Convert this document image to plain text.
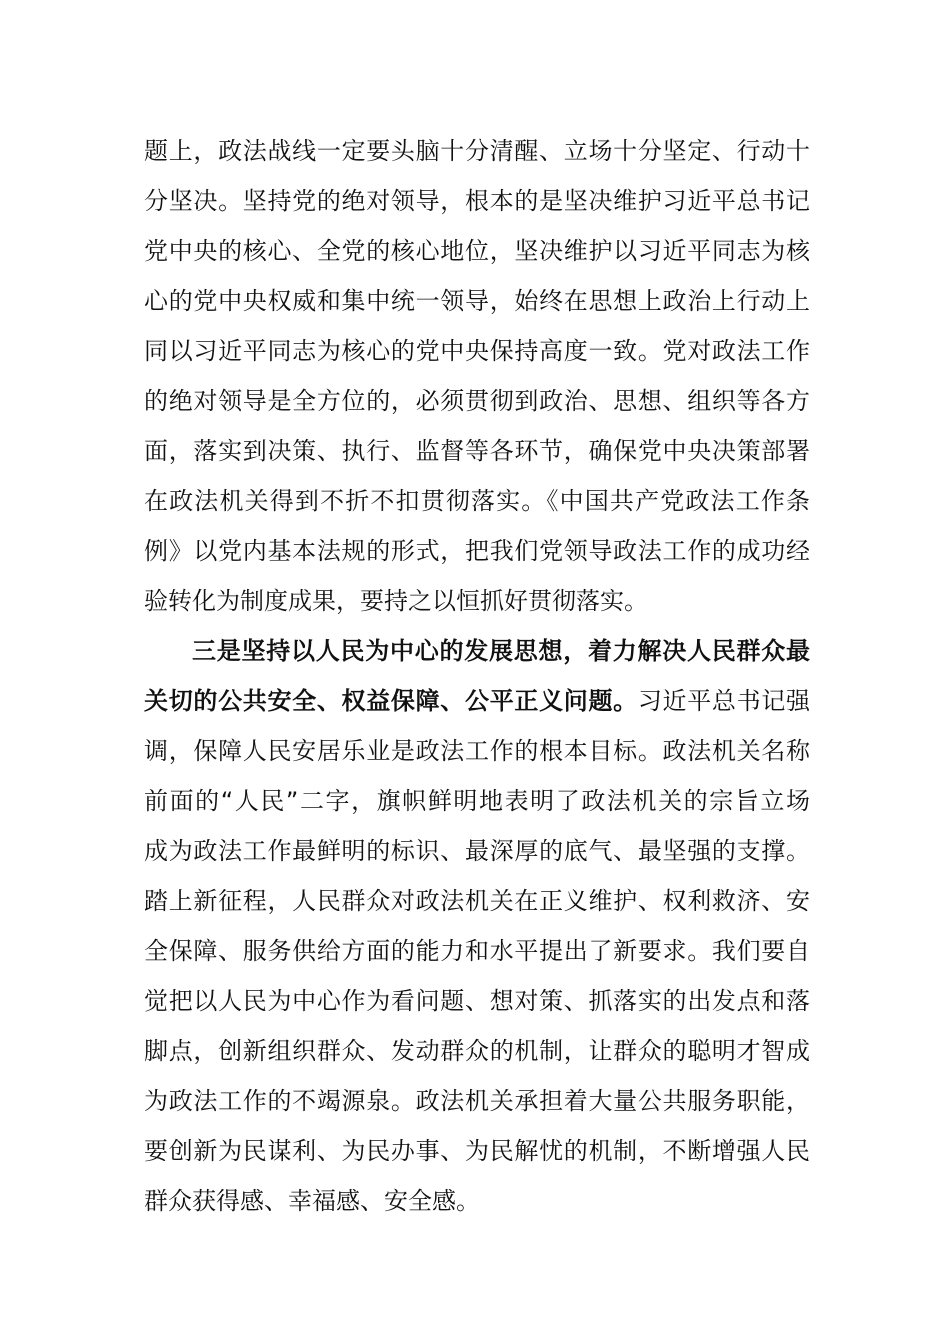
题上，政法战线一定要头脑十分清醒、立场十分坚定、行动十
分坚决。坚持党的绝对领导，根本的是坚决维护习近平总书记
党中央的核心、全党的核心地位，坚决维护以习近平同志为核
心的党中央权威和集中统一领导，始终在思想上政治上行动上
同以习近平同志为核心的党中央保持高度一致。党对政法工作
的绝对领导是全方位的，必须贯彻到政治、思想、组织等各方
面，落实到决策、执行、监督等各环节，确保党中央决策部署
在政法机关得到不折不扣贯彻落实。《中国共产党政法工作条
例》以党内基本法规的形式，把我们党领导政法工作的成功经
验转化为制度成果，要持之以恒抓好贯彻落实。
三是坚持以人民为中心的发展思想，着力解决人民群众最
关切的公共安全、权益保障、公平正义问题。习近平总书记强
调，保障人民安居乐业是政法工作的根本目标。政法机关名称
前面的“人民”二字，旗帜鲜明地表明了政法机关的宗旨立场
成为政法工作最鲜明的标识、最深厚的底气、最坚强的支撑。
踏上新征程，人民群众对政法机关在正义维护、权利救济、安
全保障、服务供给方面的能力和水平提出了新要求。我们要自
觉把以人民为中心作为看问题、想对策、抓落实的出发点和落
脚点，创新组织群众、发动群众的机制，让群众的聪明才智成
为政法工作的不竭源泉。政法机关承担着大量公共服务职能，
要创新为民谋利、为民办事、为民解忧的机制，不断增强人民
群众获得感、幸福感、安全感。
